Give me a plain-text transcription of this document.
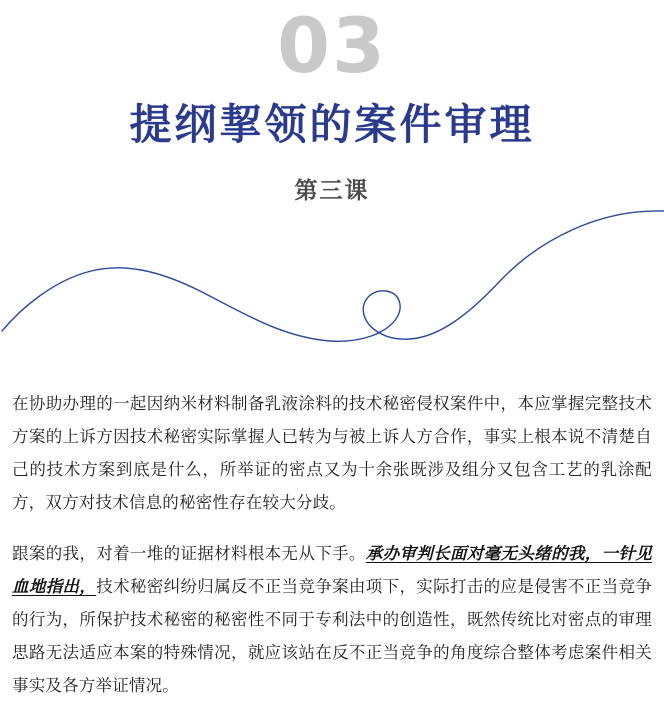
03
提纲挈领的案件审理
第三课

在协助办理的一起因纳米材料制备乳液涂料的技术秘密侵权案件中，本应掌握完整技术方案的上诉方因技术秘密实际掌握人已转为与被上诉人方合作，事实上根本说不清楚自己的技术方案到底是什么，所举证的密点又为十余张既涉及组分又包含工艺的乳涂配方，双方对技术信息的秘密性存在较大分歧。

跟案的我，对着一堆的证据材料根本无从下手。承办审判长面对毫无头绪的我，一针见血地指出，技术秘密纠纷归属反不正当竞争案由项下，实际打击的应是侵害不正当竞争的行为，所保护技术秘密的秘密性不同于专利法中的创造性，既然传统比对密点的审理思路无法适应本案的特殊情况，就应该站在反不正当竞争的角度综合整体考虑案件相关事实及各方举证情况。
